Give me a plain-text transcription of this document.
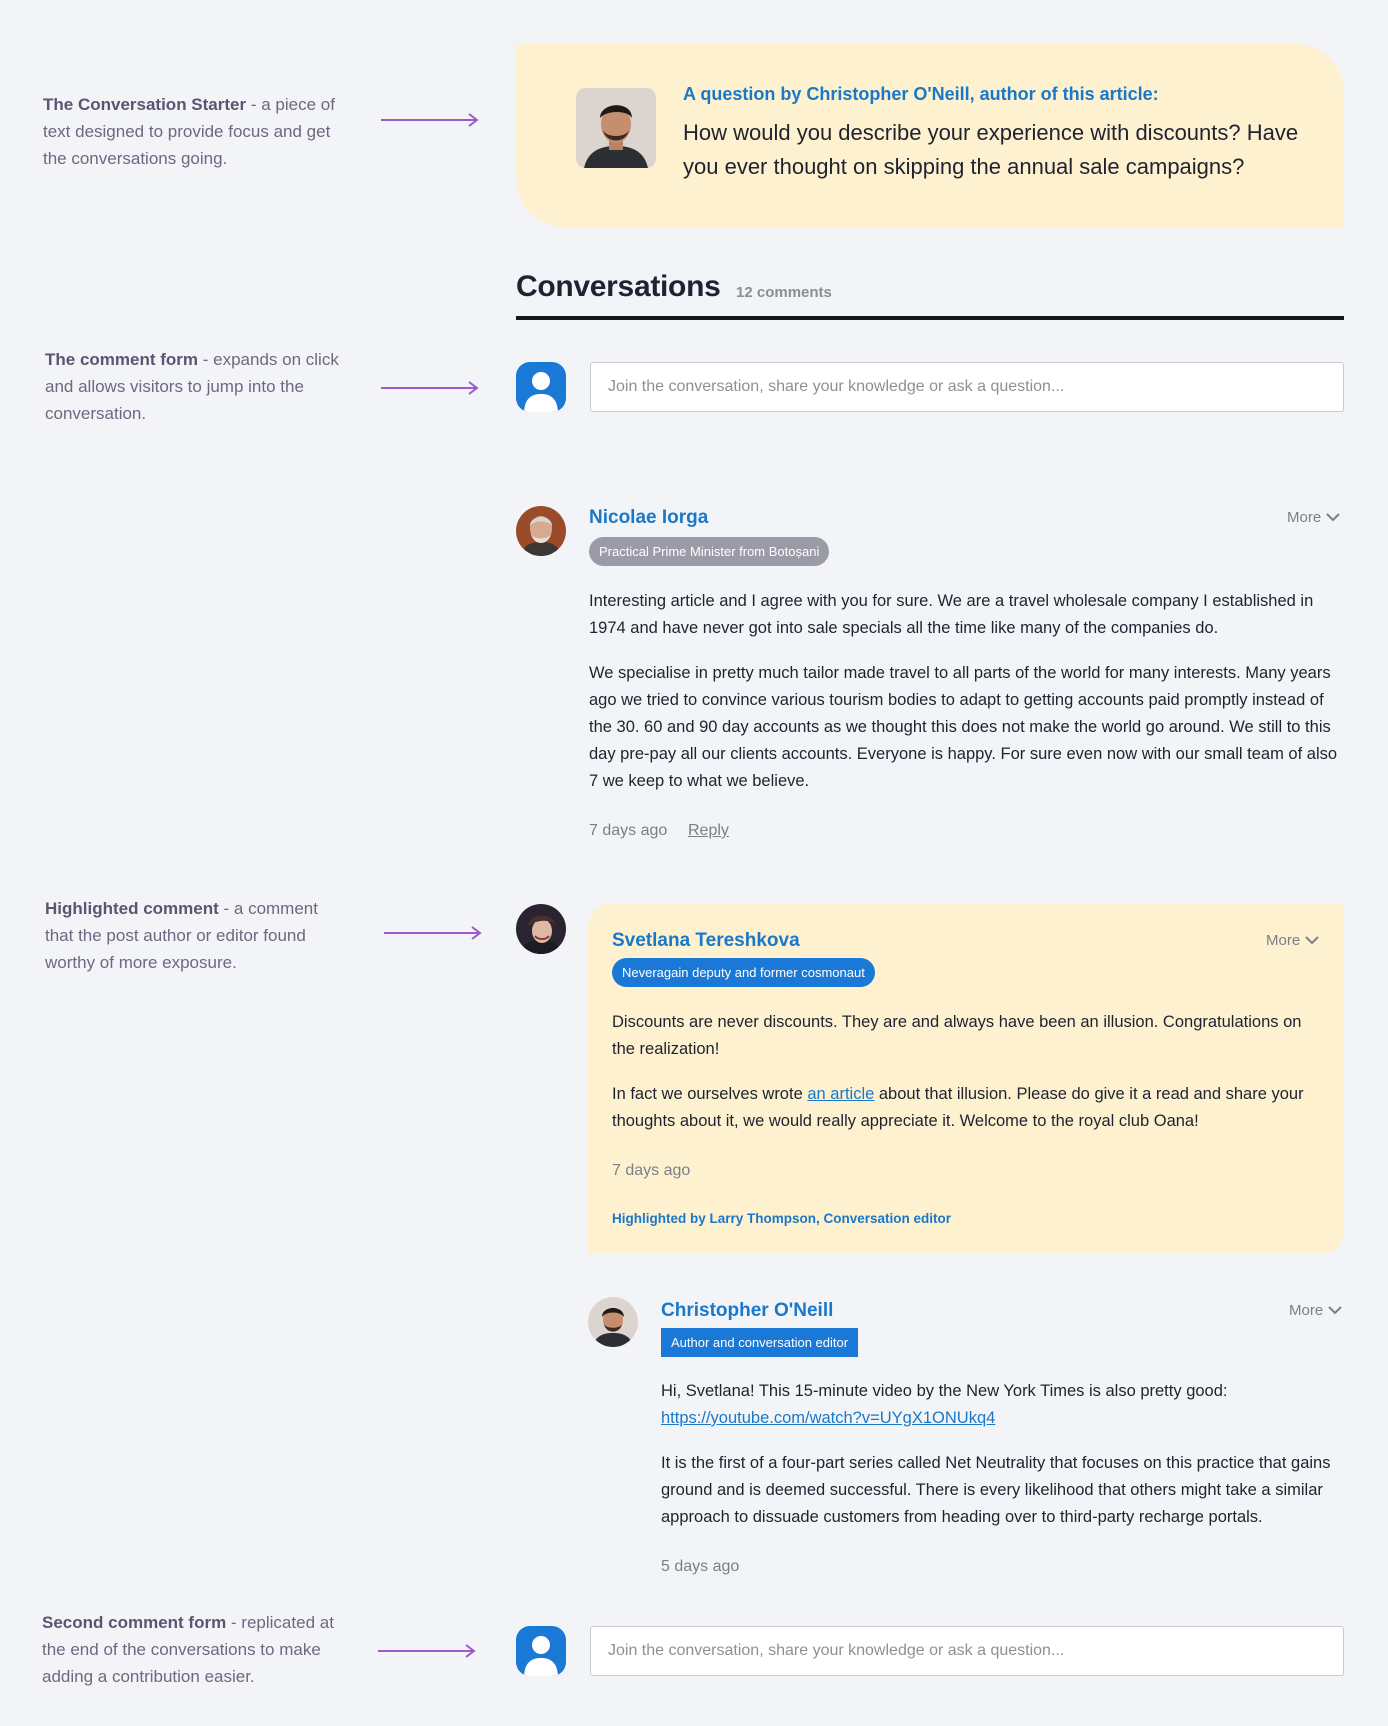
The Conversation Starter - a piece of text designed to provide focus and get the conversations going.
The comment form - expands on click and allows visitors to jump into the conversation.
Highlighted comment - a comment that the post author or editor found worthy of more exposure.
Second comment form - replicated at the end of the conversations to make adding a contribution easier.
A question by Christopher O'Neill, author of this article:
How would you describe your experience with discounts? Have you ever thought on skipping the annual sale campaigns?
Conversations 12 comments
Join the conversation, share your knowledge or ask a question...
Nicolae Iorga
Practical Prime Minister from Botoșani
More
Interesting article and I agree with you for sure. We are a travel wholesale company I established in 1974 and have never got into sale specials all the time like many of the companies do.
We specialise in pretty much tailor made travel to all parts of the world for many interests. Many years ago we tried to convince various tourism bodies to adapt to getting accounts paid promptly instead of the 30. 60 and 90 day accounts as we thought this does not make the world go around. We still to this day pre-pay all our clients accounts. Everyone is happy. For sure even now with our small team of also 7 we keep to what we believe.
7 days ago Reply
Svetlana Tereshkova
Neveragain deputy and former cosmonaut
More
Discounts are never discounts. They are and always have been an illusion. Congratulations on the realization!
In fact we ourselves wrote an article about that illusion. Please do give it a read and share your thoughts about it, we would really appreciate it. Welcome to the royal club Oana!
7 days ago
Highlighted by Larry Thompson, Conversation editor
Christopher O'Neill
Author and conversation editor
More
Hi, Svetlana! This 15-minute video by the New York Times is also pretty good:
https://youtube.com/watch?v=UYgX1ONUkq4
It is the first of a four-part series called Net Neutrality that focuses on this practice that gains ground and is deemed successful. There is every likelihood that others might take a similar approach to dissuade customers from heading over to third-party recharge portals.
5 days ago
Join the conversation, share your knowledge or ask a question...
